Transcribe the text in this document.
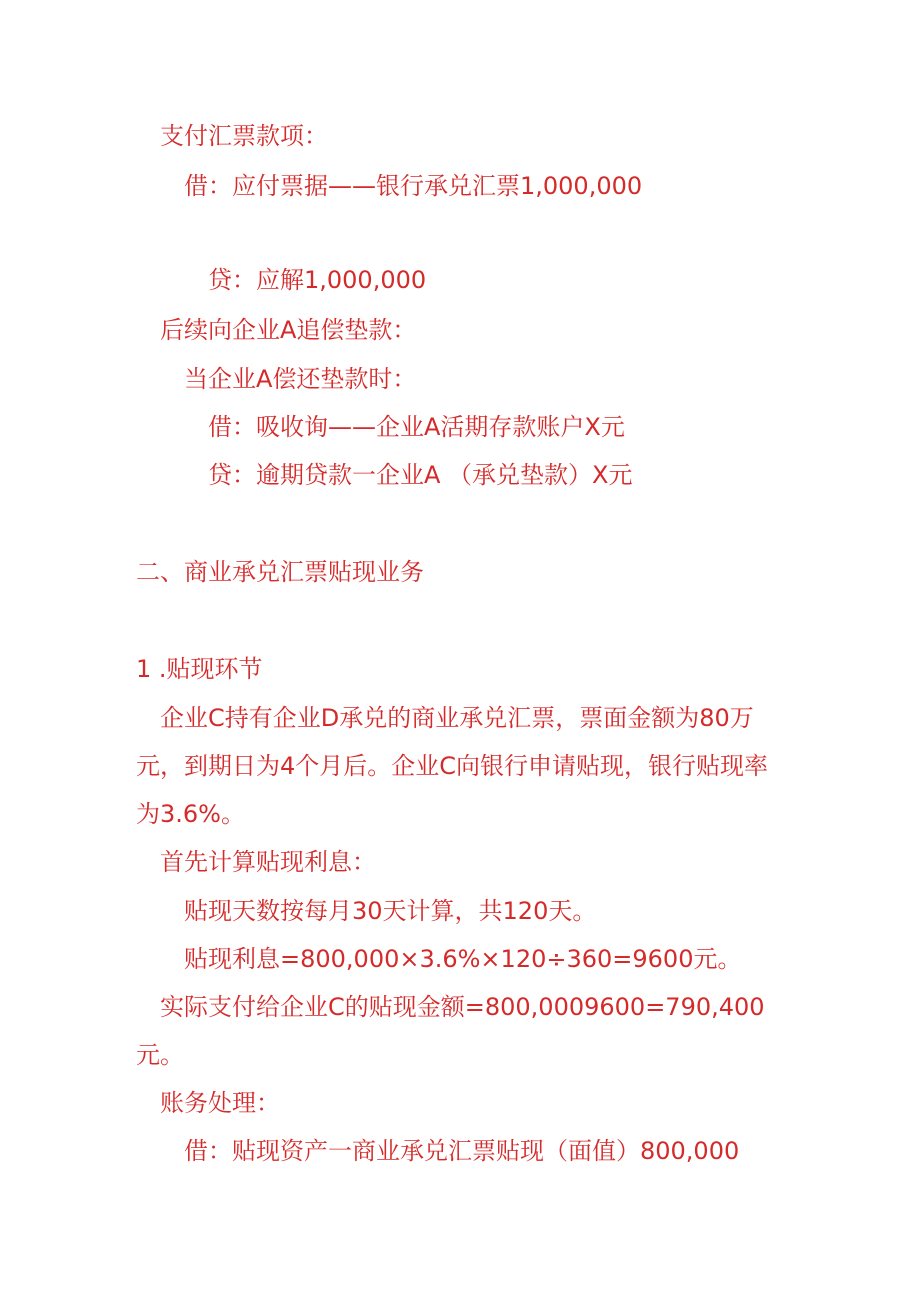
支付汇票款项：
借：应付票据——银行承兑汇票1,000,000
贷：应解1,000,000
后续向企业A追偿垫款：
当企业A偿还垫款时：
借：吸收询——企业A活期存款账户X元
贷：逾期贷款一企业A （承兑垫款）X元
二、商业承兑汇票贴现业务
1 .贴现环节
企业C持有企业D承兑的商业承兑汇票，票面金额为80万
元，到期日为4个月后。企业C向银行申请贴现，银行贴现率
为3.6%。
首先计算贴现利息：
贴现天数按每月30天计算，共120天。
贴现利息=800,000×3.6%×120÷360=9600元。
实际支付给企业C的贴现金额=800,0009600=790,400
元。
账务处理：
借：贴现资产一商业承兑汇票贴现（面值）800,000
